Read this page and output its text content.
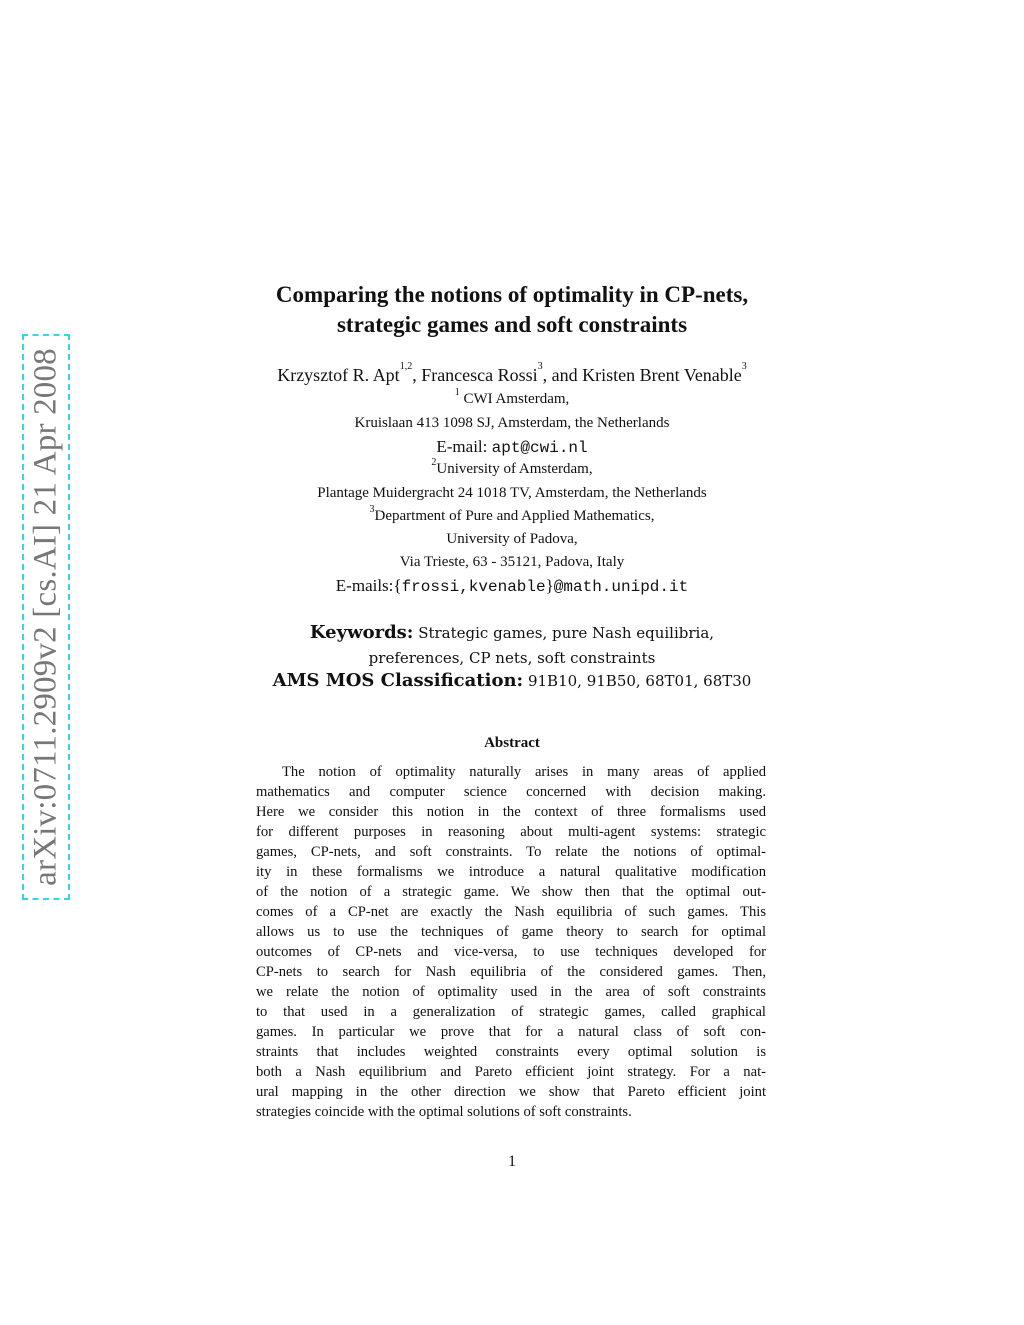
arXiv:0711.2909v2 [cs.AI] 21 Apr 2008
Comparing the notions of optimality in CP-nets,
strategic games and soft constraints
Krzysztof R. Apt$^{1,2}$, Francesca Rossi$^3$, and Kristen Brent Venable$^3$
$^1$ CWI Amsterdam,
Kruislaan 413 1098 SJ, Amsterdam, the Netherlands
E-mail: apt@cwi.nl
$^2$University of Amsterdam,
Plantage Muidergracht 24 1018 TV, Amsterdam, the Netherlands
$^3$Department of Pure and Applied Mathematics,
University of Padova,
Via Trieste, 63 - 35121, Padova, Italy
E-mails:{frossi,kvenable}@math.unipd.it
Keywords: Strategic games, pure Nash equilibria,
preferences, CP nets, soft constraints
AMS MOS Classification: 91B10, 91B50, 68T01, 68T30
Abstract
The notion of optimality naturally arises in many areas of applied
mathematics and computer science concerned with decision making.
Here we consider this notion in the context of three formalisms used
for different purposes in reasoning about multi-agent systems: strategic
games, CP-nets, and soft constraints. To relate the notions of optimal-
ity in these formalisms we introduce a natural qualitative modification
of the notion of a strategic game. We show then that the optimal out-
comes of a CP-net are exactly the Nash equilibria of such games. This
allows us to use the techniques of game theory to search for optimal
outcomes of CP-nets and vice-versa, to use techniques developed for
CP-nets to search for Nash equilibria of the considered games. Then,
we relate the notion of optimality used in the area of soft constraints
to that used in a generalization of strategic games, called graphical
games. In particular we prove that for a natural class of soft con-
straints that includes weighted constraints every optimal solution is
both a Nash equilibrium and Pareto efficient joint strategy. For a nat-
ural mapping in the other direction we show that Pareto efficient joint
strategies coincide with the optimal solutions of soft constraints.
1
